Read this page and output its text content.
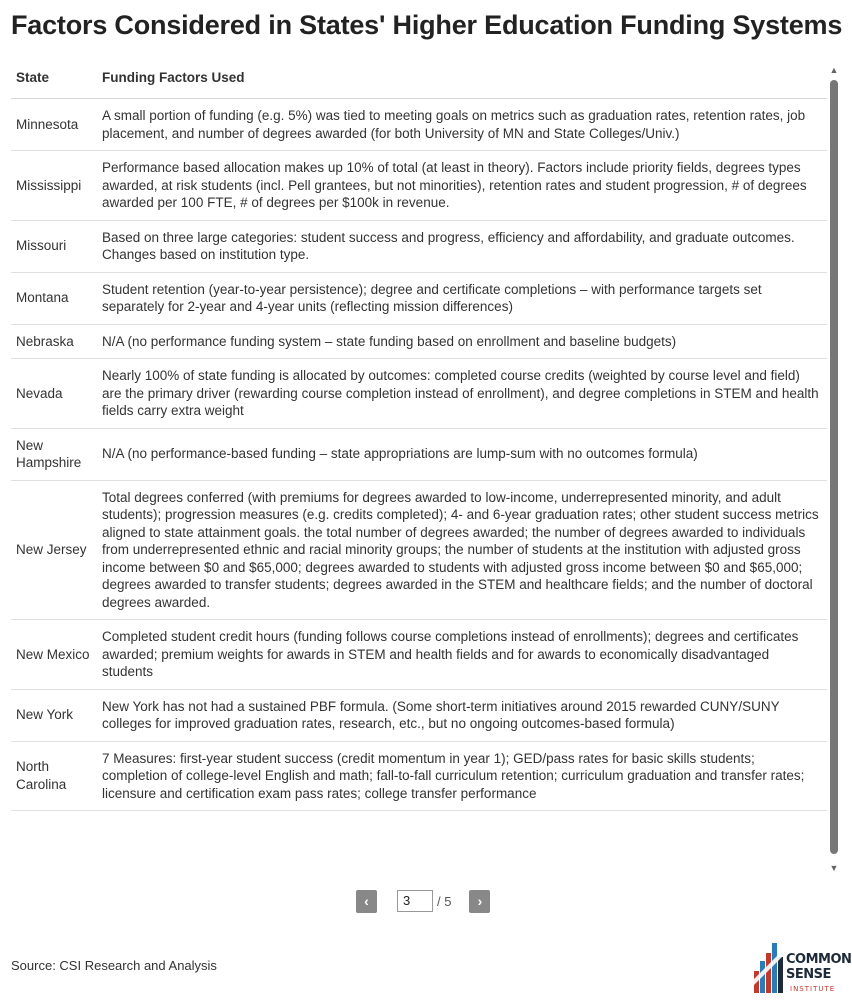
Factors Considered in States' Higher Education Funding Systems
State	Funding Factors Used
Minnesota	A small portion of funding (e.g. 5%) was tied to meeting goals on metrics such as graduation rates, retention rates, job placement, and number of degrees awarded (for both University of MN and State Colleges/Univ.)
Mississippi	Performance based allocation makes up 10% of total (at least in theory). Factors include priority fields, degrees types awarded, at risk students (incl. Pell grantees, but not minorities), retention rates and student progression, # of degrees awarded per 100 FTE, # of degrees per $100k in revenue.
Missouri	Based on three large categories: student success and progress, efficiency and affordability, and graduate outcomes. Changes based on institution type.
Montana	Student retention (year-to-year persistence); degree and certificate completions – with performance targets set separately for 2-year and 4-year units (reflecting mission differences)
Nebraska	N/A (no performance funding system – state funding based on enrollment and baseline budgets)
Nevada	Nearly 100% of state funding is allocated by outcomes: completed course credits (weighted by course level and field) are the primary driver (rewarding course completion instead of enrollment), and degree completions in STEM and health fields carry extra weight
New Hampshire	N/A (no performance-based funding – state appropriations are lump-sum with no outcomes formula)
New Jersey	Total degrees conferred (with premiums for degrees awarded to low-income, underrepresented minority, and adult students); progression measures (e.g. credits completed); 4- and 6-year graduation rates; other student success metrics aligned to state attainment goals. the total number of degrees awarded; the number of degrees awarded to individuals from underrepresented ethnic and racial minority groups; the number of students at the institution with adjusted gross income between $0 and $65,000; degrees awarded to students with adjusted gross income between $0 and $65,000; degrees awarded to transfer students; degrees awarded in the STEM and healthcare fields; and the number of doctoral degrees awarded.
New Mexico	Completed student credit hours (funding follows course completions instead of enrollments); degrees and certificates awarded; premium weights for awards in STEM and health fields and for awards to economically disadvantaged students
New York	New York has not had a sustained PBF formula. (Some short-term initiatives around 2015 rewarded CUNY/SUNY colleges for improved graduation rates, research, etc., but no ongoing outcomes-based formula)
North Carolina	7 Measures: first-year student success (credit momentum in year 1); GED/pass rates for basic skills students; completion of college-level English and math; fall-to-fall curriculum retention; curriculum graduation and transfer rates; licensure and certification exam pass rates; college transfer performance
▲
▼
‹	3	/ 5	›
Source: CSI Research and Analysis	COMMON
SENSE
INSTITUTE
